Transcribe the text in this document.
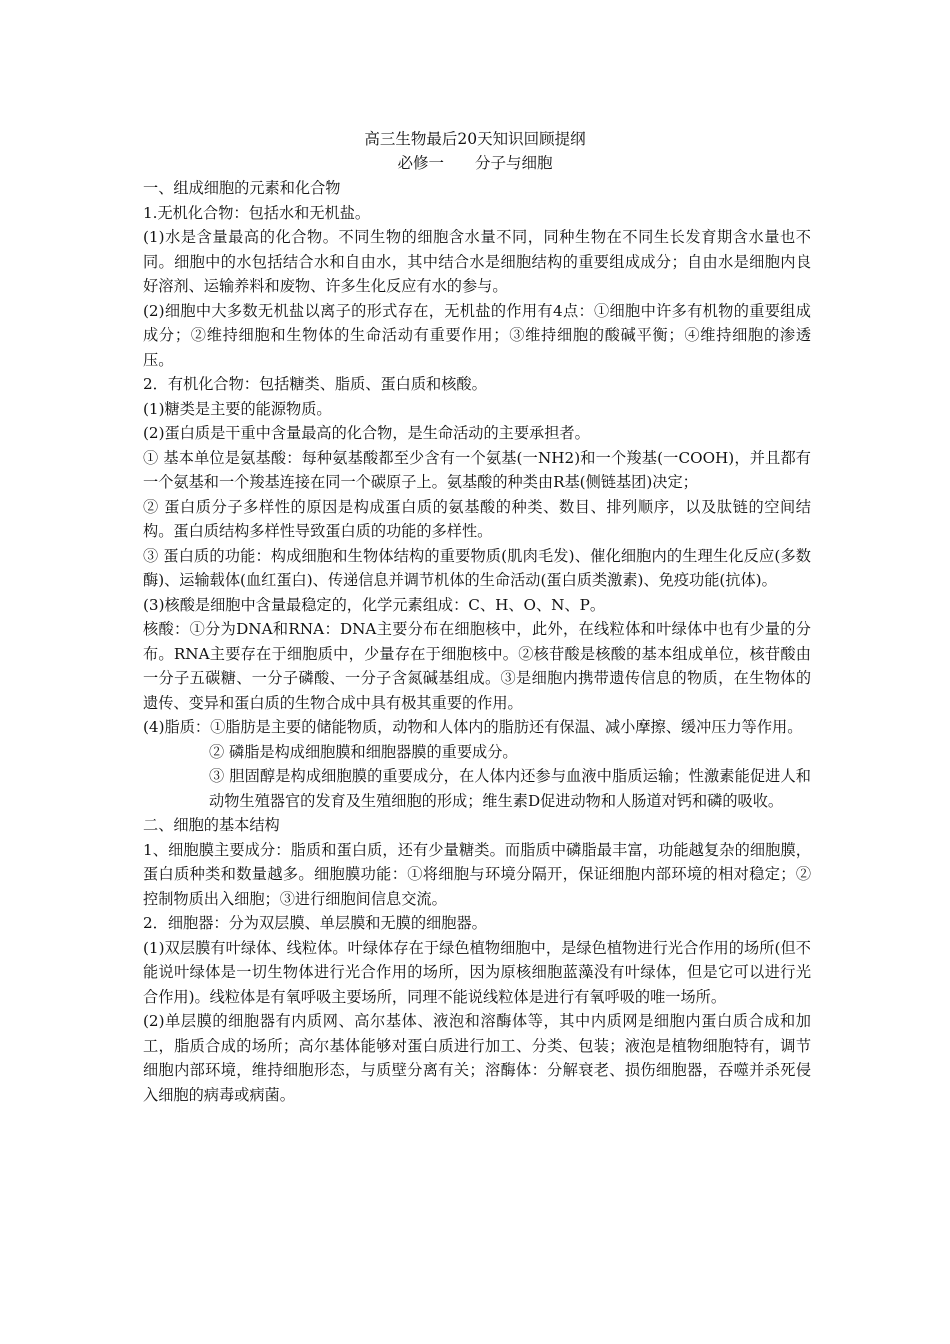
高三生物最后20天知识回顾提纲

必修一　　分子与细胞

一、组成细胞的元素和化合物

1.无机化合物：包括水和无机盐。

(1)水是含量最高的化合物。不同生物的细胞含水量不同，同种生物在不同生长发育期含水量也不同。细胞中的水包括结合水和自由水，其中结合水是细胞结构的重要组成成分；自由水是细胞内良好溶剂、运输养料和废物、许多生化反应有水的参与。

(2)细胞中大多数无机盐以离子的形式存在，无机盐的作用有4点：①细胞中许多有机物的重要组成成分；②维持细胞和生物体的生命活动有重要作用；③维持细胞的酸碱平衡；④维持细胞的渗透压。

2．有机化合物：包括糖类、脂质、蛋白质和核酸。

(1)糖类是主要的能源物质。

(2)蛋白质是干重中含量最高的化合物，是生命活动的主要承担者。

① 基本单位是氨基酸：每种氨基酸都至少含有一个氨基(一NH2)和一个羧基(一COOH)，并且都有一个氨基和一个羧基连接在同一个碳原子上。氨基酸的种类由R基(侧链基团)决定；

② 蛋白质分子多样性的原因是构成蛋白质的氨基酸的种类、数目、排列顺序，以及肽链的空间结构。蛋白质结构多样性导致蛋白质的功能的多样性。

③ 蛋白质的功能：构成细胞和生物体结构的重要物质(肌肉毛发)、催化细胞内的生理生化反应(多数酶)、运输载体(血红蛋白)、传递信息并调节机体的生命活动(蛋白质类激素)、免疫功能(抗体)。

(3)核酸是细胞中含量最稳定的，化学元素组成：C、H、O、N、P。

核酸：①分为DNA和RNA：DNA主要分布在细胞核中，此外，在线粒体和叶绿体中也有少量的分布。RNA主要存在于细胞质中，少量存在于细胞核中。②核苷酸是核酸的基本组成单位，核苷酸由一分子五碳糖、一分子磷酸、一分子含氮碱基组成。③是细胞内携带遗传信息的物质，在生物体的遗传、变异和蛋白质的生物合成中具有极其重要的作用。

(4)脂质：①脂肪是主要的储能物质，动物和人体内的脂肪还有保温、减小摩擦、缓冲压力等作用。

② 磷脂是构成细胞膜和细胞器膜的重要成分。

③ 胆固醇是构成细胞膜的重要成分，在人体内还参与血液中脂质运输；性激素能促进人和动物生殖器官的发育及生殖细胞的形成；维生素D促进动物和人肠道对钙和磷的吸收。

二、细胞的基本结构

1、细胞膜主要成分：脂质和蛋白质，还有少量糖类。而脂质中磷脂最丰富，功能越复杂的细胞膜，蛋白质种类和数量越多。细胞膜功能：①将细胞与环境分隔开，保证细胞内部环境的相对稳定；②控制物质出入细胞；③进行细胞间信息交流。

2．细胞器：分为双层膜、单层膜和无膜的细胞器。

(1)双层膜有叶绿体、线粒体。叶绿体存在于绿色植物细胞中，是绿色植物进行光合作用的场所(但不能说叶绿体是一切生物体进行光合作用的场所，因为原核细胞蓝藻没有叶绿体，但是它可以进行光合作用)。线粒体是有氧呼吸主要场所，同理不能说线粒体是进行有氧呼吸的唯一场所。

(2)单层膜的细胞器有内质网、高尔基体、液泡和溶酶体等，其中内质网是细胞内蛋白质合成和加工，脂质合成的场所；高尔基体能够对蛋白质进行加工、分类、包装；液泡是植物细胞特有，调节细胞内部环境，维持细胞形态，与质壁分离有关；溶酶体：分解衰老、损伤细胞器，吞噬并杀死侵入细胞的病毒或病菌。
